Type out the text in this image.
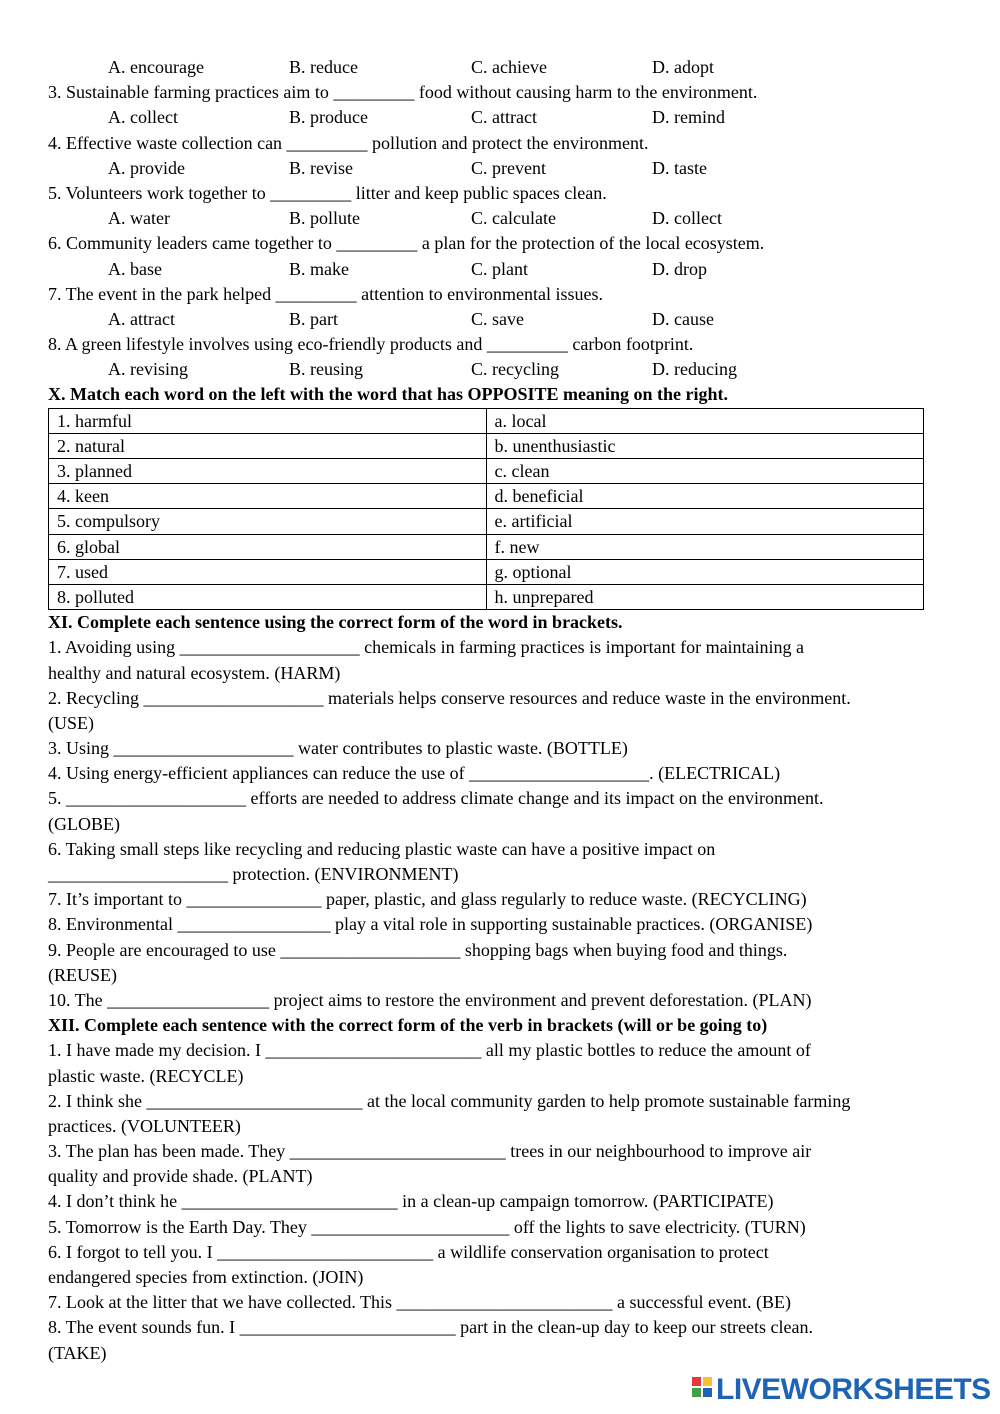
A. encourage	B. reduce	C. achieve	D. adopt
3. Sustainable farming practices aim to _________ food without causing harm to the environment.
A. collect	B. produce	C. attract	D. remind
4. Effective waste collection can _________ pollution and protect the environment.
A. provide	B. revise	C. prevent	D. taste
5. Volunteers work together to _________ litter and keep public spaces clean.
A. water	B. pollute	C. calculate	D. collect
6. Community leaders came together to _________ a plan for the protection of the local ecosystem.
A. base	B. make	C. plant	D. drop
7. The event in the park helped _________ attention to environmental issues.
A. attract	B. part	C. save	D. cause
8. A green lifestyle involves using eco-friendly products and _________ carbon footprint.
A. revising	B. reusing	C. recycling	D. reducing
X. Match each word on the left with the word that has OPPOSITE meaning on the right.
1. harmful	a. local
2. natural	b. unenthusiastic
3. planned	c. clean
4. keen	d. beneficial
5. compulsory	e. artificial
6. global	f. new
7. used	g. optional
8. polluted	h. unprepared
XI. Complete each sentence using the correct form of the word in brackets.
1. Avoiding using ____________________ chemicals in farming practices is important for maintaining a
healthy and natural ecosystem. (HARM)
2. Recycling ____________________ materials helps conserve resources and reduce waste in the environment.
(USE)
3. Using ____________________ water contributes to plastic waste. (BOTTLE)
4. Using energy-efficient appliances can reduce the use of ____________________. (ELECTRICAL)
5. ____________________ efforts are needed to address climate change and its impact on the environment.
(GLOBE)
6. Taking small steps like recycling and reducing plastic waste can have a positive impact on
____________________ protection. (ENVIRONMENT)
7. It’s important to _______________ paper, plastic, and glass regularly to reduce waste. (RECYCLING)
8. Environmental _________________ play a vital role in supporting sustainable practices. (ORGANISE)
9. People are encouraged to use ____________________ shopping bags when buying food and things.
(REUSE)
10. The __________________ project aims to restore the environment and prevent deforestation. (PLAN)
XII. Complete each sentence with the correct form of the verb in brackets (will or be going to)
1. I have made my decision. I ________________________ all my plastic bottles to reduce the amount of
plastic waste. (RECYCLE)
2. I think she ________________________ at the local community garden to help promote sustainable farming
practices. (VOLUNTEER)
3. The plan has been made. They ________________________ trees in our neighbourhood to improve air
quality and provide shade. (PLANT)
4. I don’t think he ________________________ in a clean-up campaign tomorrow. (PARTICIPATE)
5. Tomorrow is the Earth Day. They ______________________ off the lights to save electricity. (TURN)
6. I forgot to tell you. I ________________________ a wildlife conservation organisation to protect
endangered species from extinction. (JOIN)
7. Look at the litter that we have collected. This ________________________ a successful event. (BE)
8. The event sounds fun. I ________________________ part in the clean-up day to keep our streets clean.
(TAKE)
LIVEWORKSHEETS
